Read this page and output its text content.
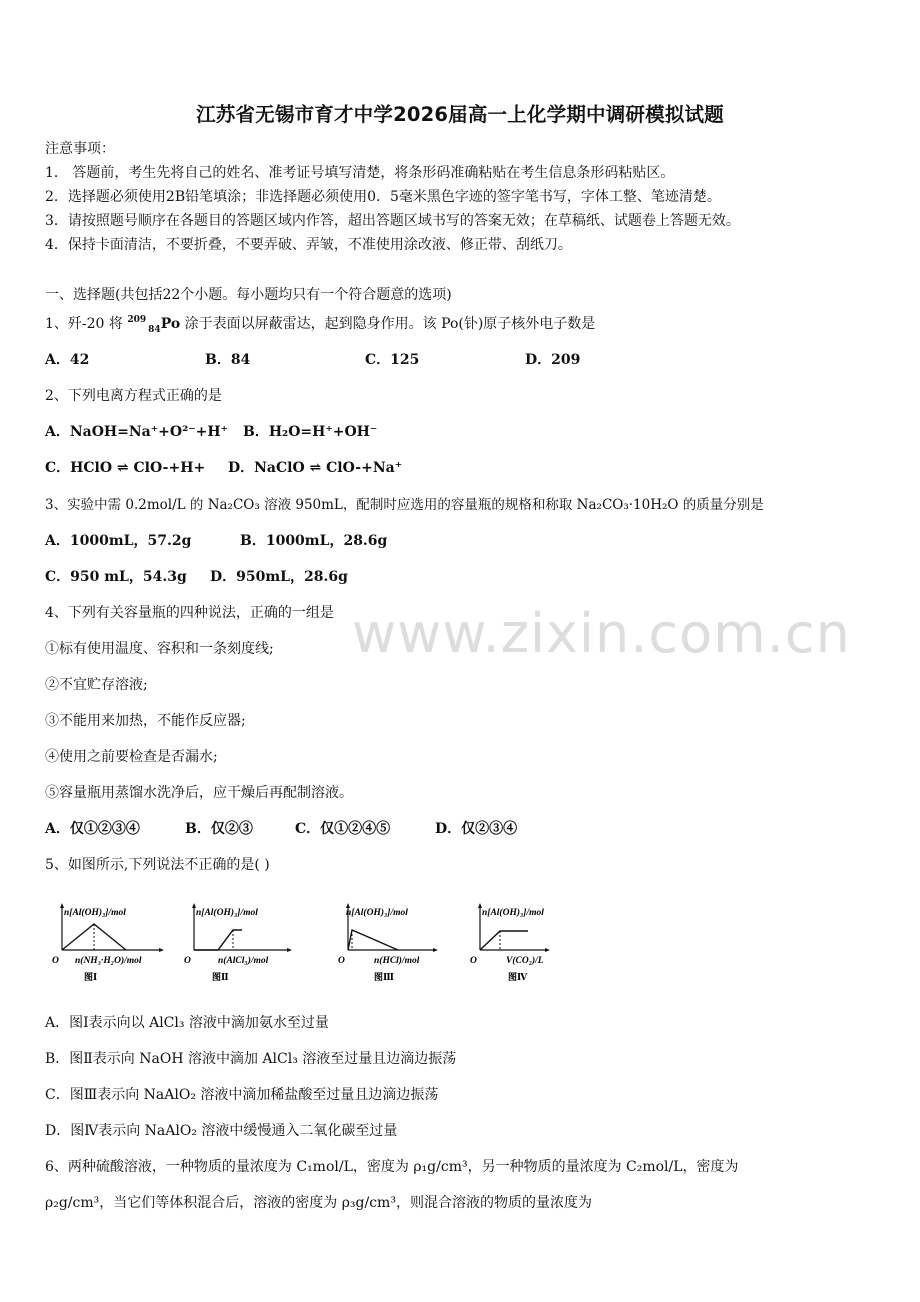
江苏省无锡市育才中学2026届高一上化学期中调研模拟试题
注意事项：
1． 答题前，考生先将自己的姓名、准考证号填写清楚，将条形码准确粘贴在考生信息条形码粘贴区。
2．选择题必须使用2B铅笔填涂；非选择题必须使用0．5毫米黑色字迹的签字笔书写，字体工整、笔迹清楚。
3．请按照题号顺序在各题目的答题区域内作答，超出答题区域书写的答案无效；在草稿纸、试题卷上答题无效。
4．保持卡面清洁，不要折叠，不要弄破、弄皱，不准使用涂改液、修正带、刮纸刀。
一、选择题(共包括22个小题。每小题均只有一个符合题意的选项)
1、歼-20 将 $^{209}_{84}$Po 涂于表面以屏蔽雷达，起到隐身作用。该 Po(钋)原子核外电子数是
A．42	B．84	C．125	D．209
2、下列电离方程式正确的是
A．NaOH=Na⁺+O²⁻+H⁺ B．H₂O=H⁺+OH⁻
C．HClO ⇌ ClO-+H+ D．NaClO ⇌ ClO-+Na⁺
3、实验中需 0.2mol/L 的 Na₂CO₃ 溶液 950mL，配制时应选用的容量瓶的规格和称取 Na₂CO₃·10H₂O 的质量分别是
A．1000mL，57.2g	B．1000mL，28.6g
C．950 mL，54.3g D．950mL，28.6g
www.zixin.com.cn
4、下列有关容量瓶的四种说法，正确的一组是
①标有使用温度、容积和一条刻度线;
②不宜贮存溶液;
③不能用来加热，不能作反应器;
④使用之前要检查是否漏水;
⑤容量瓶用蒸馏水洗净后，应干燥后再配制溶液。
A．仅①②③④	B．仅②③	C．仅①②④⑤	D．仅②③④
5、如图所示,下列说法不正确的是( )
n[Al(OH)₃]/mol
O n(NH₃·H₂O)/mol
图Ⅰ
n[Al(OH)₃]/mol
O	n(AlCl₃)/mol
图Ⅱ
n[Al(OH)₃]/mol
O	n(HCl)/mol
图Ⅲ
n[Al(OH)₃]/mol
O	V(CO₂)/L
图Ⅳ
A．图Ⅰ表示向以 AlCl₃ 溶液中滴加氨水至过量
B．图Ⅱ表示向 NaOH 溶液中滴加 AlCl₃ 溶液至过量且边滴边振荡
C．图Ⅲ表示向 NaAlO₂ 溶液中滴加稀盐酸至过量且边滴边振荡
D．图Ⅳ表示向 NaAlO₂ 溶液中缓慢通入二氧化碳至过量
6、两种硫酸溶液，一种物质的量浓度为 C₁mol/L，密度为 ρ₁g/cm³，另一种物质的量浓度为 C₂mol/L，密度为
ρ₂g/cm³，当它们等体积混合后，溶液的密度为 ρ₃g/cm³，则混合溶液的物质的量浓度为
